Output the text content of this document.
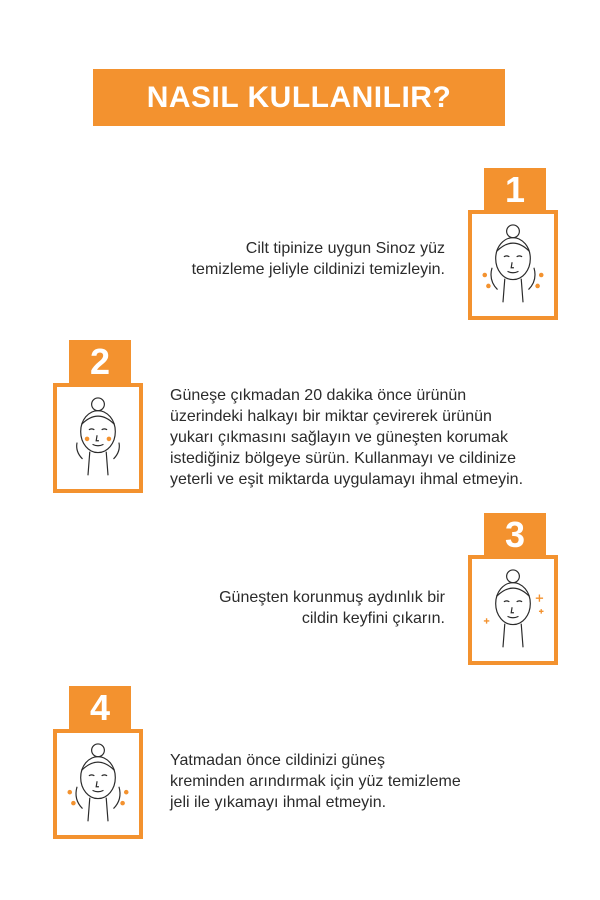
NASIL KULLANILIR?
1
Cilt tipinize uygun Sinoz yüz
temizleme jeliyle cildinizi temizleyin.
2
Güneşe çıkmadan 20 dakika önce ürünün
üzerindeki halkayı bir miktar çevirerek ürünün
yukarı çıkmasını sağlayın ve güneşten korumak
istediğiniz bölgeye sürün. Kullanmayı ve cildinize
yeterli ve eşit miktarda uygulamayı ihmal etmeyin.
3
Güneşten korunmuş aydınlık bir
cildin keyfini çıkarın.
4
Yatmadan önce cildinizi güneş
kreminden arındırmak için yüz temizleme
jeli ile yıkamayı ihmal etmeyin.
